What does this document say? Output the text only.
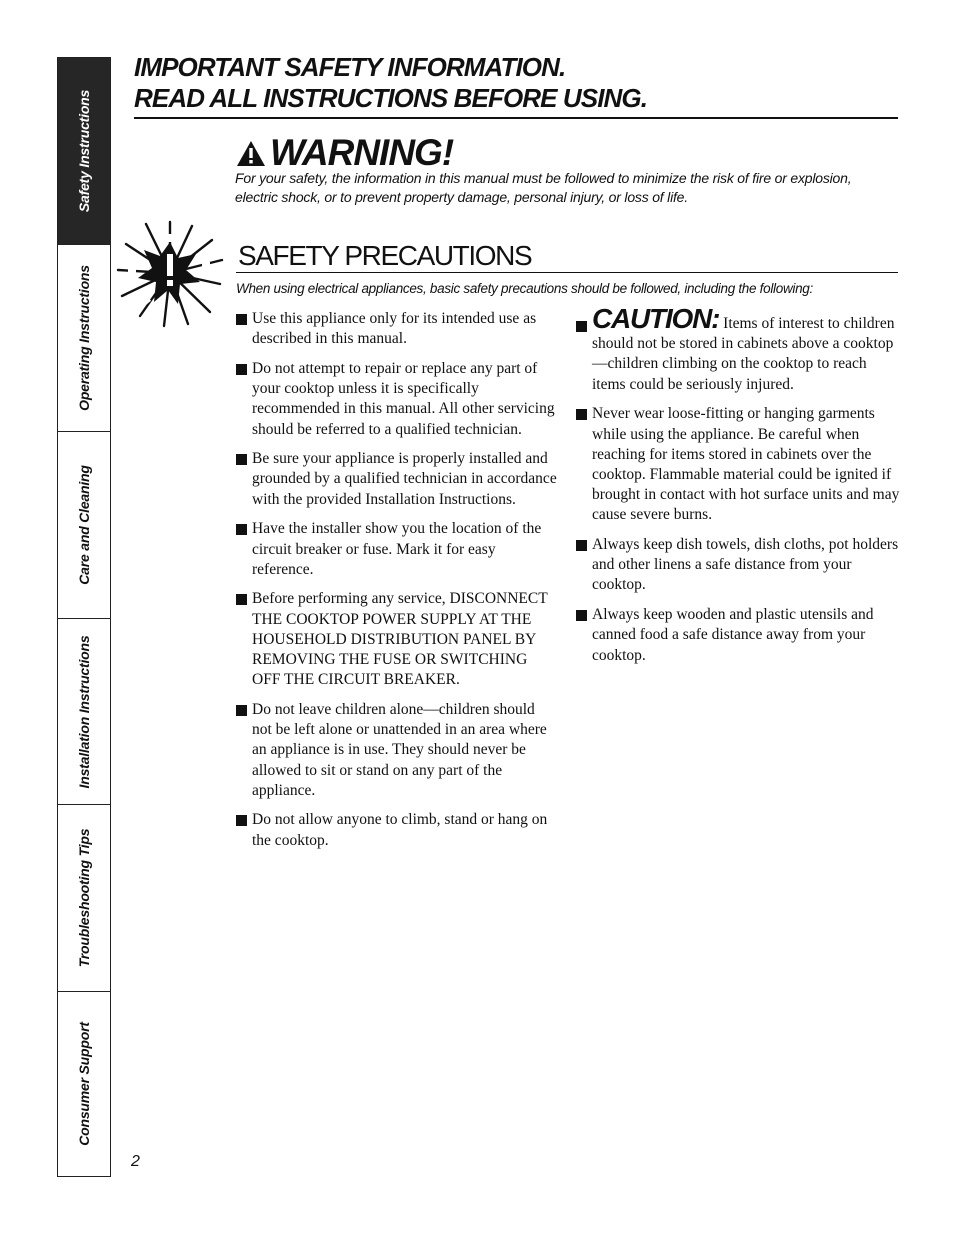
Safety Instructions
Operating Instructions
Care and Cleaning
Installation Instructions
Troubleshooting Tips
Consumer Support
IMPORTANT SAFETY INFORMATION.
READ ALL INSTRUCTIONS BEFORE USING.
WARNING!
For your safety, the information in this manual must be followed to minimize the risk of fire or explosion, electric shock, or to prevent property damage, personal injury, or loss of life.
SAFETY PRECAUTIONS
When using electrical appliances, basic safety precautions should be followed, including the following:
Use this appliance only for its intended use as described in this manual.
Do not attempt to repair or replace any part of your cooktop unless it is specifically recommended in this manual. All other servicing should be referred to a qualified technician.
Be sure your appliance is properly installed and grounded by a qualified technician in accordance with the provided Installation Instructions.
Have the installer show you the location of the circuit breaker or fuse. Mark it for easy reference.
Before performing any service, DISCONNECT THE COOKTOP POWER SUPPLY AT THE HOUSEHOLD DISTRIBUTION PANEL BY REMOVING THE FUSE OR SWITCHING OFF THE CIRCUIT BREAKER.
Do not leave children alone—children should not be left alone or unattended in an area where an appliance is in use. They should never be allowed to sit or stand on any part of the appliance.
Do not allow anyone to climb, stand or hang on the cooktop.
CAUTION: Items of interest to children should not be stored in cabinets above a cooktop—children climbing on the cooktop to reach items could be seriously injured.
Never wear loose-fitting or hanging garments while using the appliance. Be careful when reaching for items stored in cabinets over the cooktop. Flammable material could be ignited if brought in contact with hot surface units and may cause severe burns.
Always keep dish towels, dish cloths, pot holders and other linens a safe distance from your cooktop.
Always keep wooden and plastic utensils and canned food a safe distance away from your cooktop.
2
